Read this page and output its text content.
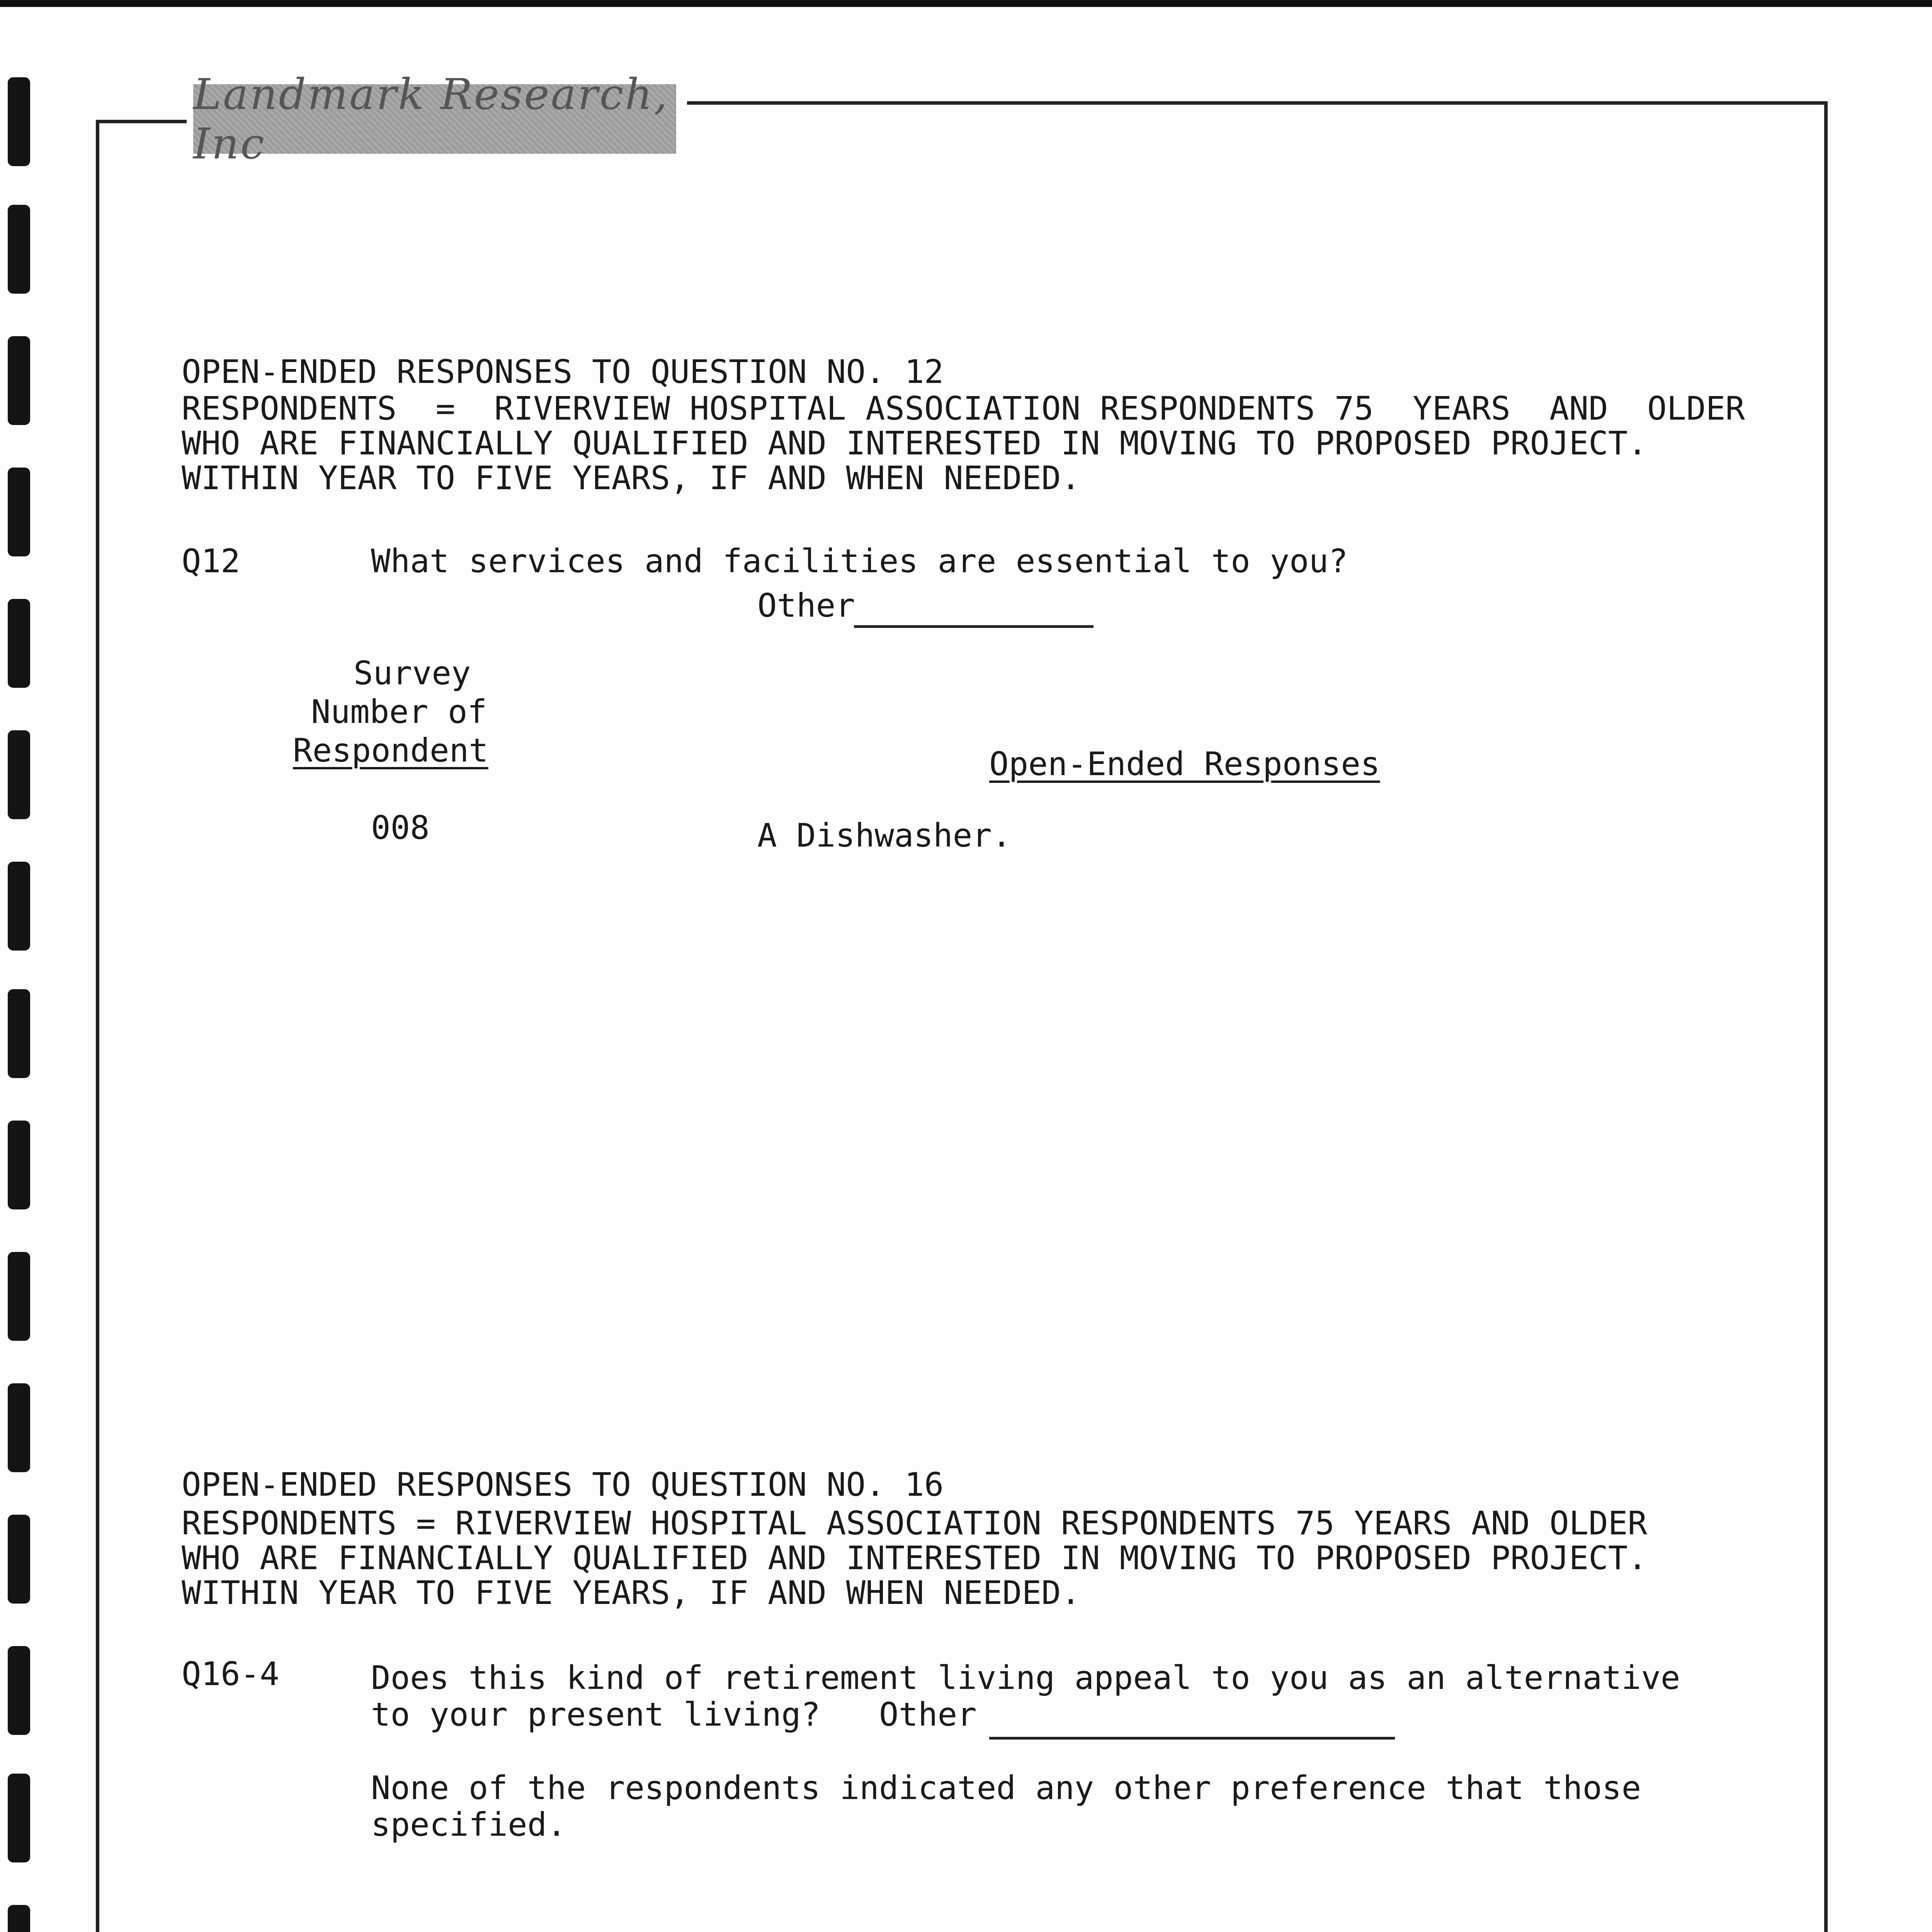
Landmark Research, Inc
OPEN-ENDED RESPONSES TO QUESTION NO. 12
RESPONDENTS  =  RIVERVIEW HOSPITAL ASSOCIATION RESPONDENTS 75  YEARS  AND  OLDER
WHO ARE FINANCIALLY QUALIFIED AND INTERESTED IN MOVING TO PROPOSED PROJECT.
WITHIN YEAR TO FIVE YEARS, IF AND WHEN NEEDED.
Q12	What services and facilities are essential to you?
Other
Survey
Number of
Respondent	Open-Ended Responses
008	A Dishwasher.
OPEN-ENDED RESPONSES TO QUESTION NO. 16
RESPONDENTS = RIVERVIEW HOSPITAL ASSOCIATION RESPONDENTS 75 YEARS AND OLDER
WHO ARE FINANCIALLY QUALIFIED AND INTERESTED IN MOVING TO PROPOSED PROJECT.
WITHIN YEAR TO FIVE YEARS, IF AND WHEN NEEDED.
Q16-4	Does this kind of retirement living appeal to you as an alternative
to your present living?   Other
None of the respondents indicated any other preference that those
specified.
